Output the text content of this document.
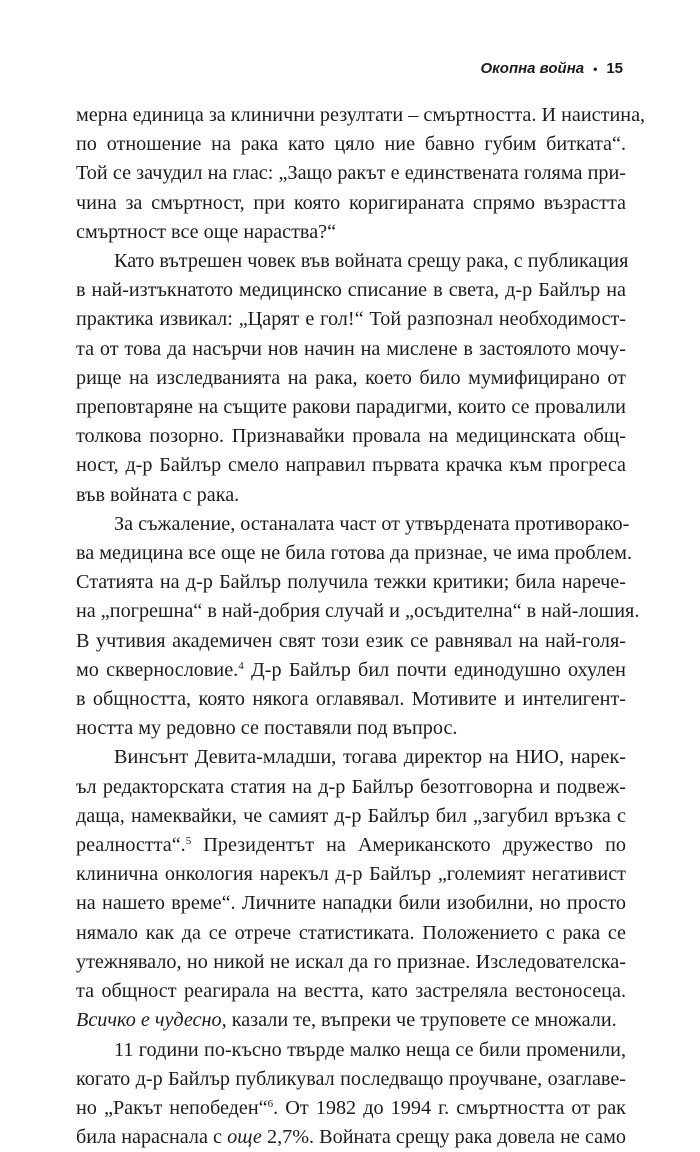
Окопна война • 15
мерна единица за клинични резултати – смъртността. И наистина,
по отношение на рака като цяло ние бавно губим битката“.
Той се зачудил на глас: „Защо ракът е единствената голяма при-
чина за смъртност, при която коригираната спрямо възрастта
смъртност все още нараства?“
Като вътрешен човек във войната срещу рака, с публикация
в най-изтъкнатото медицинско списание в света, д-р Байлър на
практика извикал: „Царят е гол!“ Той разпознал необходимост-
та от това да насърчи нов начин на мислене в застоялото мочу-
рище на изследванията на рака, което било мумифицирано от
преповтаряне на същите ракови парадигми, които се провалили
толкова позорно. Признавайки провала на медицинската общ-
ност, д-р Байлър смело направил първата крачка към прогреса
във войната с рака.
За съжаление, останалата част от утвърдената противорако-
ва медицина все още не била готова да признае, че има проблем.
Статията на д-р Байлър получила тежки критики; била нарече-
на „погрешна“ в най-добрия случай и „осъдителна“ в най-лошия.
В учтивия академичен свят този език се равнявал на най-голя-
мо сквернословие.$^4$ Д-р Байлър бил почти единодушно охулен
в общността, която някога оглавявал. Мотивите и интелигент-
ността му редовно се поставяли под въпрос.
Винсънт Девита-младши, тогава директор на НИО, нарек-
ъл редакторската статия на д-р Байлър безотговорна и подвеж-
даща, намеквайки, че самият д-р Байлър бил „загубил връзка с
реалността“.$^5$ Президентът на Американското дружество по
клинична онкология нарекъл д-р Байлър „големият негативист
на нашето време“. Личните нападки били изобилни, но просто
нямало как да се отрече статистиката. Положението с рака се
утежнявало, но никой не искал да го признае. Изследователска-
та общност реагирала на вестта, като застреляла вестоносеца.
Всичко е чудесно, казали те, въпреки че труповете се множали.
11 години по-късно твърде малко неща се били променили,
когато д-р Байлър публикувал последващо проучване, озаглаве-
но „Ракът непобеден“$^6$. От 1982 до 1994 г. смъртността от рак
била нараснала с още 2,7%. Войната срещу рака довела не само
